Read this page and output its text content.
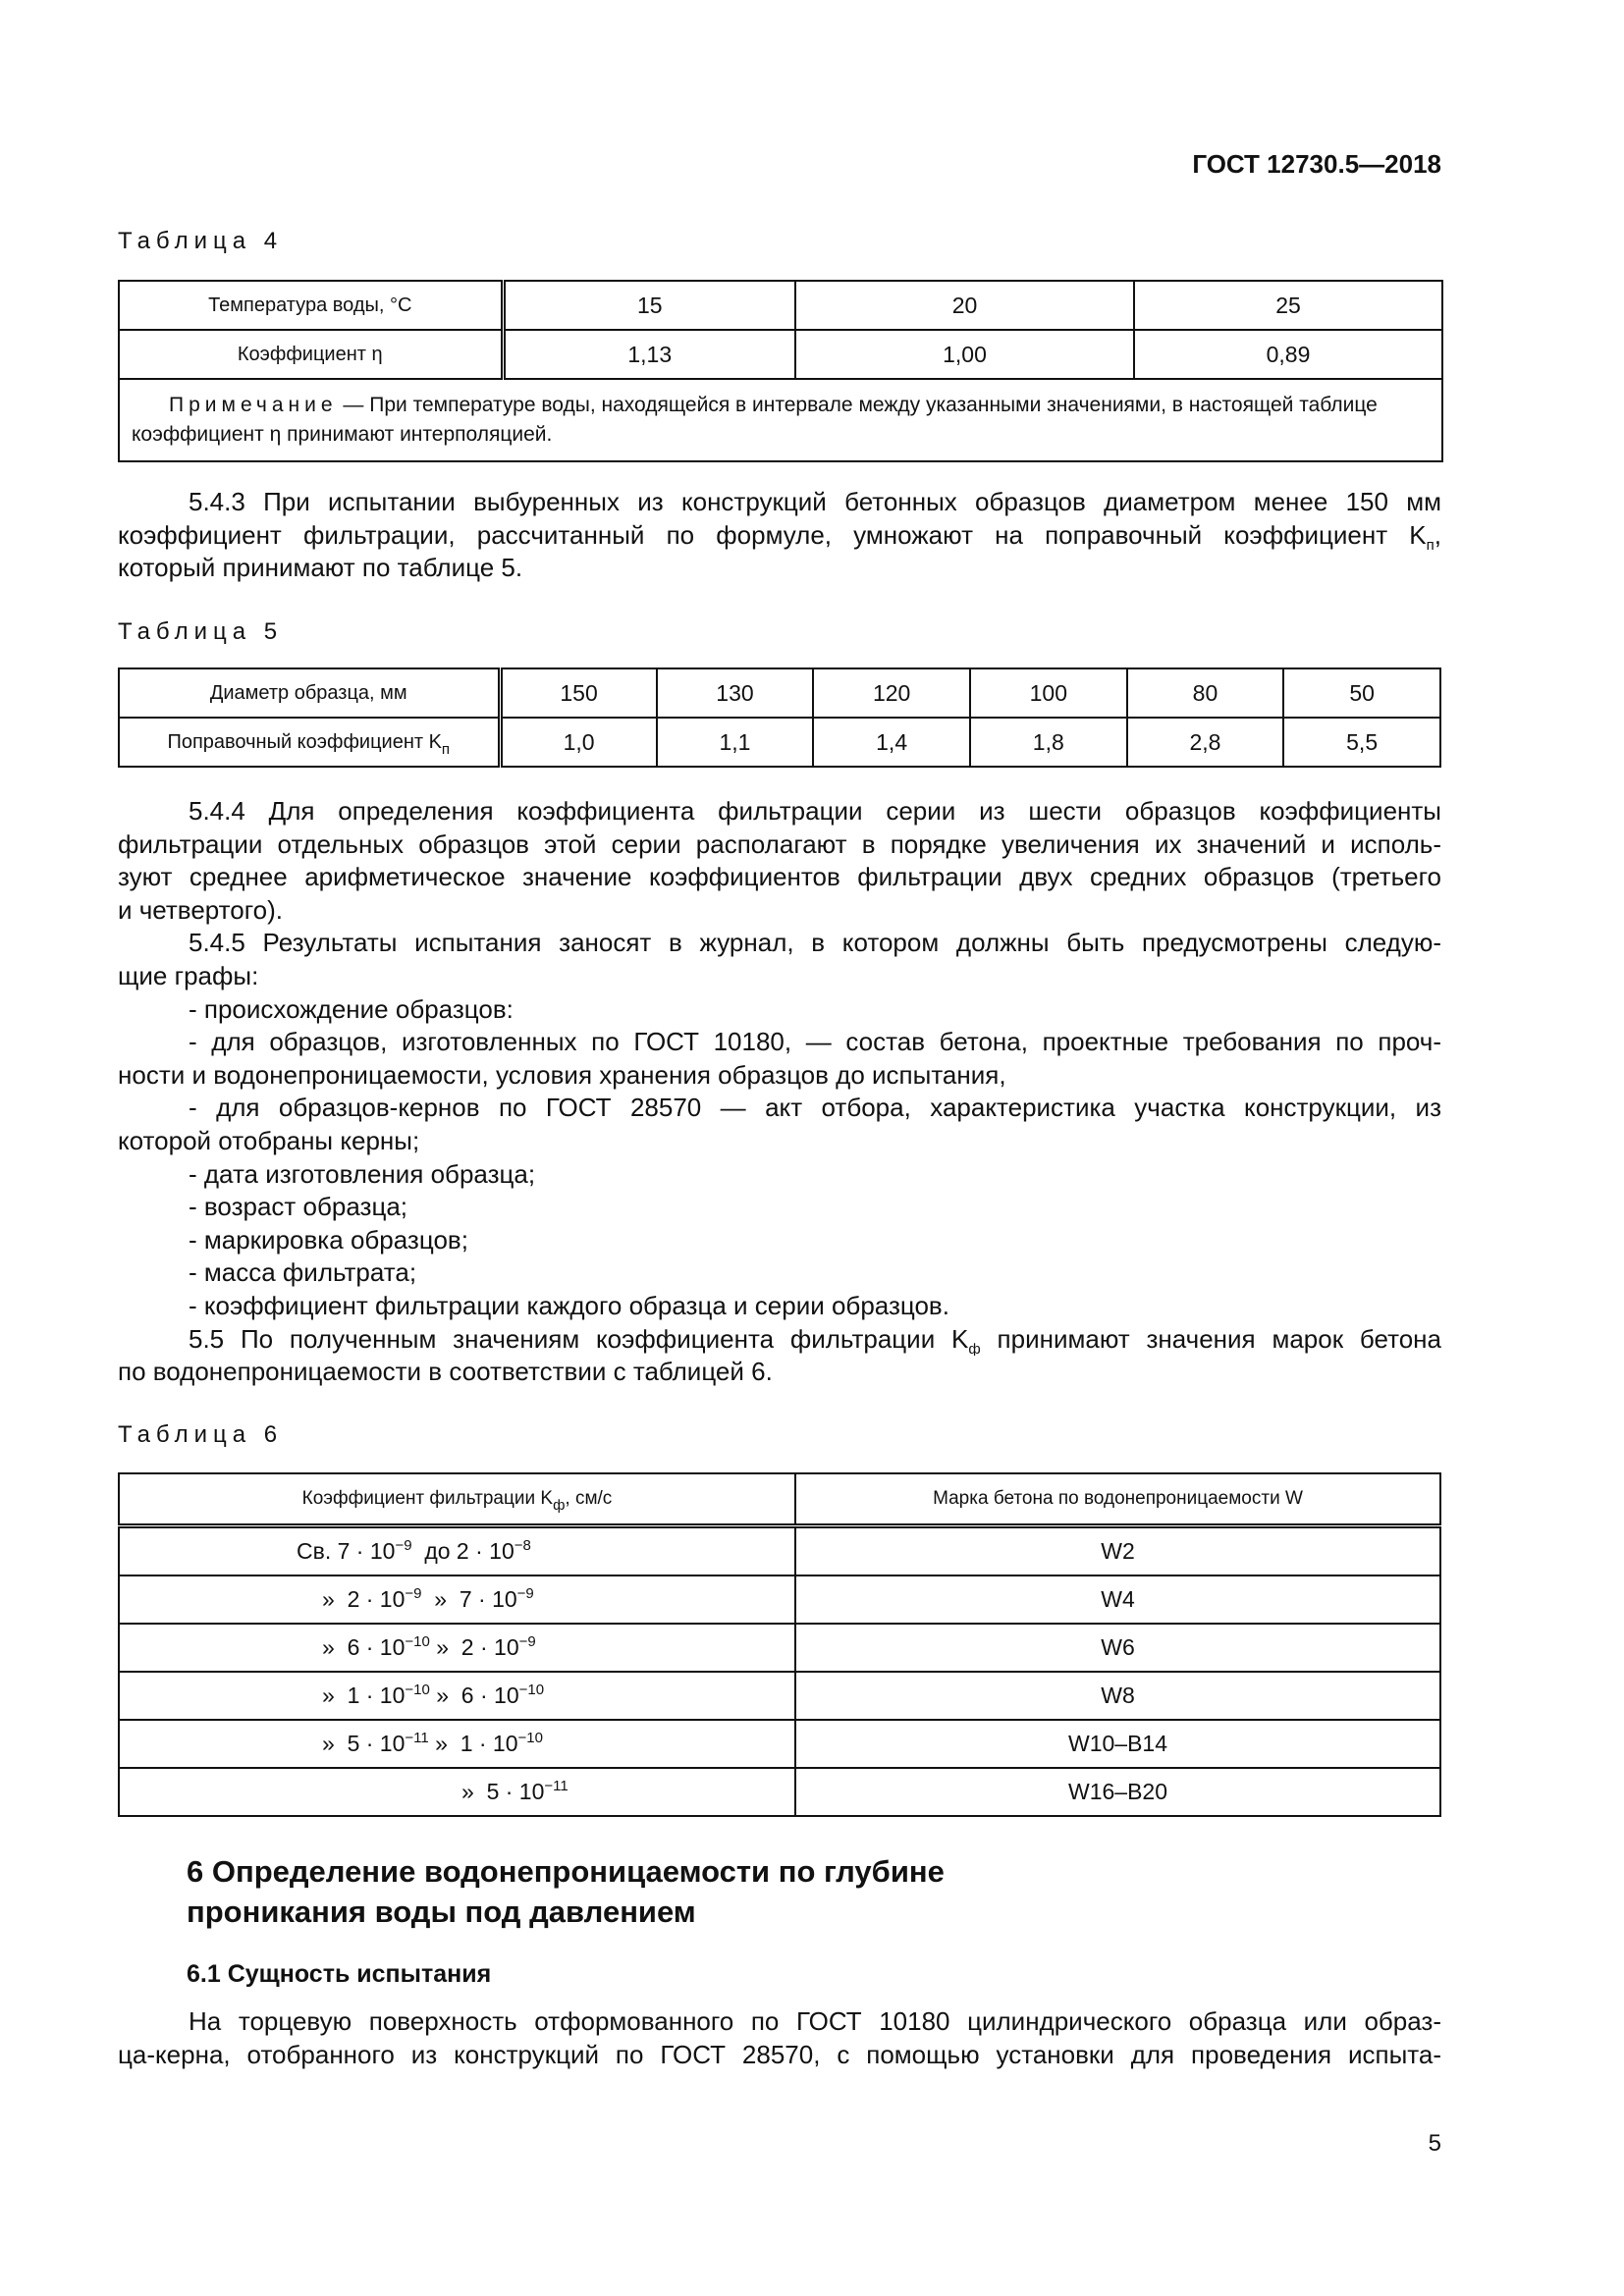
ГОСТ 12730.5—2018
Таблица 4
Температура воды, °С	15	20	25
Коэффициент η	1,13	1,00	0,89
Примечание — При температуре воды, находящейся в интервале между указанными значениями, в настоящей таблице коэффициент η принимают интерполяцией.			
5.4.3 При испытании выбуренных из конструкций бетонных образцов диаметром менее 150 мм
коэффициент фильтрации, рассчитанный по формуле, умножают на поправочный коэффициент $K_п$,
который принимают по таблице 5.
Таблица 5
Диаметр образца, мм	150	130	120	100	80	50
Поправочный коэффициент $K_п$	1,0	1,1	1,4	1,8	2,8	5,5
5.4.4 Для определения коэффициента фильтрации серии из шести образцов коэффициенты
фильтрации отдельных образцов этой серии располагают в порядке увеличения их значений и исполь-
зуют среднее арифметическое значение коэффициентов фильтрации двух средних образцов (третьего
и четвертого).
5.4.5 Результаты испытания заносят в журнал, в котором должны быть предусмотрены следую-
щие графы:
- происхождение образцов:
- для образцов, изготовленных по ГОСТ 10180, — состав бетона, проектные требования по проч-
ности и водонепроницаемости, условия хранения образцов до испытания,
- для образцов-кернов по ГОСТ 28570 — акт отбора, характеристика участка конструкции, из
которой отобраны керны;
- дата изготовления образца;
- возраст образца;
- маркировка образцов;
- масса фильтрата;
- коэффициент фильтрации каждого образца и серии образцов.
5.5 По полученным значениям коэффициента фильтрации $K_ф$ принимают значения марок бетона
по водонепроницаемости в соответствии с таблицей 6.
Таблица 6
Коэффициент фильтрации $K_ф$, см/с	Марка бетона по водонепроницаемости W
Св. $7 \cdot 10^{-9}$  до $2 \cdot 10^{-8}$	W2
»  $2 \cdot 10^{-9}$  »  $7 \cdot 10^{-9}$	W4
»  $6 \cdot 10^{-10}$ »  $2 \cdot 10^{-9}$	W6
»  $1 \cdot 10^{-10}$ »  $6 \cdot 10^{-10}$	W8
»  $5 \cdot 10^{-11}$ »  $1 \cdot 10^{-10}$	W10–B14
»  $5 \cdot 10^{-11}$	W16–B20
6 Определение водонепроницаемости по глубине
проникания воды под давлением
6.1 Сущность испытания
На торцевую поверхность отформованного по ГОСТ 10180 цилиндрического образца или образ-
ца-керна, отобранного из конструкций по ГОСТ 28570, с помощью установки для проведения испыта-
5
